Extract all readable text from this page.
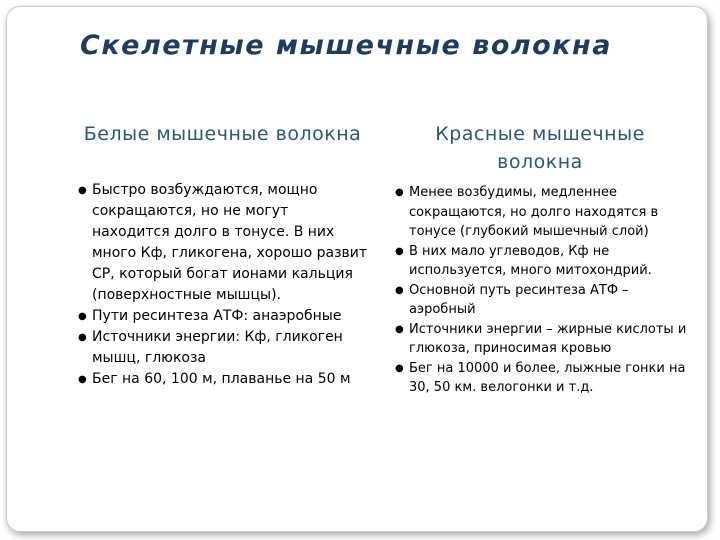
Скелетные мышечные волокна
Белые мышечные волокна	Красные мышечные волокна
● Быстро возбуждаются, мощно сокращаются, но не могут находится долго в тонусе. В них много Кф, гликогена, хорошо развит СР, который богат ионами кальция (поверхностные мышцы).
● Пути ресинтеза АТФ: анаэробные
● Источники энергии: Кф, гликоген мышц, глюкоза
● Бег на 60, 100 м, плаванье на 50 м
● Менее возбудимы, медленнее сокращаются, но долго находятся в тонусе (глубокий мышечный слой)
● В них мало углеводов, Кф не используется, много митохондрий.
● Основной путь ресинтеза АТФ – аэробный
● Источники энергии – жирные кислоты и глюкоза, приносимая кровью
● Бег на 10000 и более, лыжные гонки на 30, 50 км. велогонки и т.д.
